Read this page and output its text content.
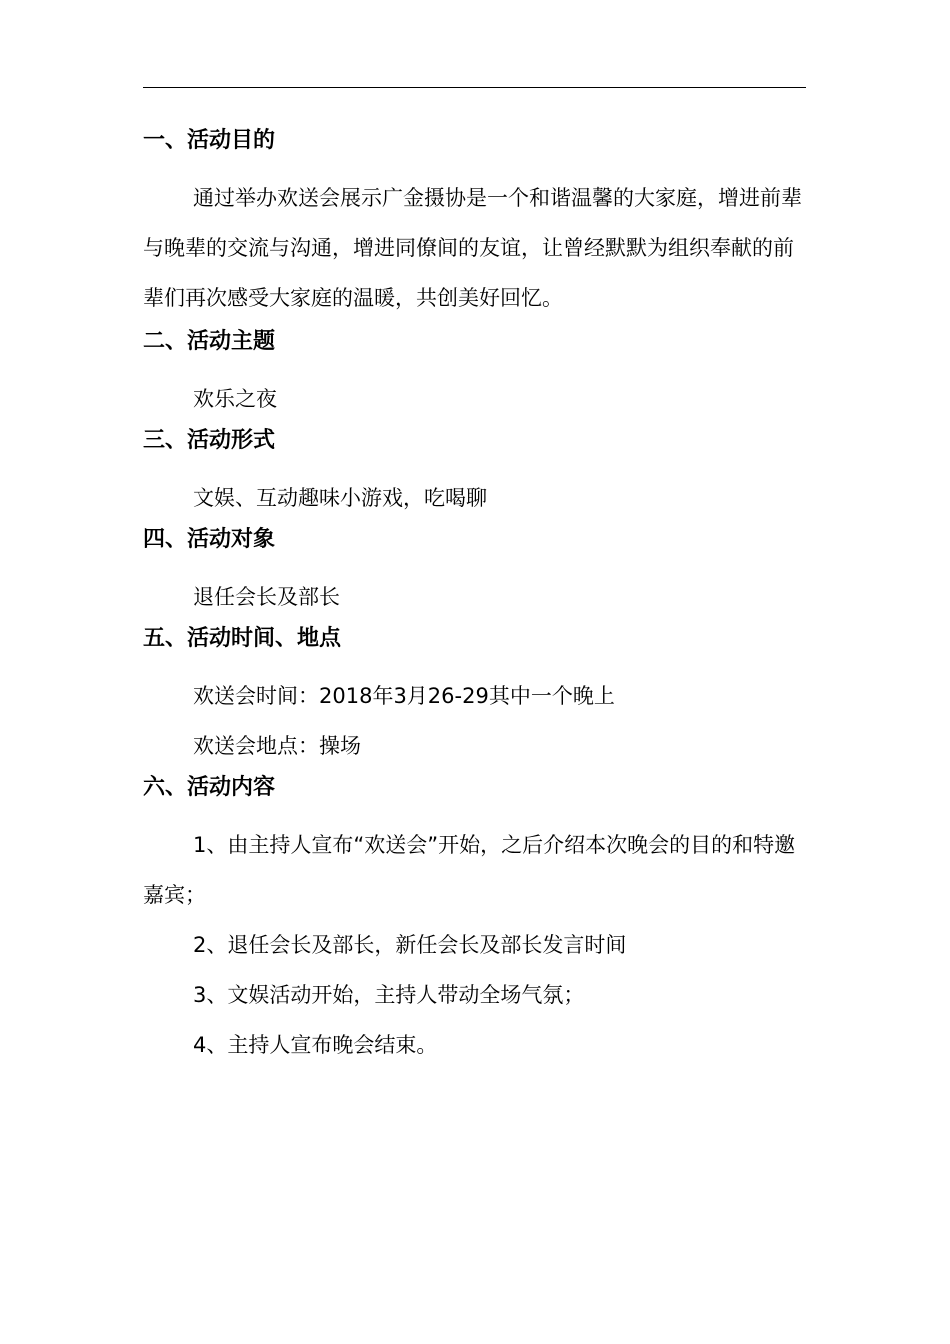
一、活动目的

通过举办欢送会展示广金摄协是一个和谐温馨的大家庭，增进前辈与晚辈的交流与沟通，增进同僚间的友谊，让曾经默默为组织奉献的前辈们再次感受大家庭的温暖，共创美好回忆。

二、活动主题

欢乐之夜

三、活动形式

文娱、互动趣味小游戏，吃喝聊

四、活动对象

退任会长及部长

五、活动时间、地点

欢送会时间：2018年3月26-29其中一个晚上

欢送会地点：操场

六、活动内容

1、由主持人宣布“欢送会”开始，之后介绍本次晚会的目的和特邀嘉宾；

2、退任会长及部长，新任会长及部长发言时间

3、文娱活动开始，主持人带动全场气氛；

4、主持人宣布晚会结束。
